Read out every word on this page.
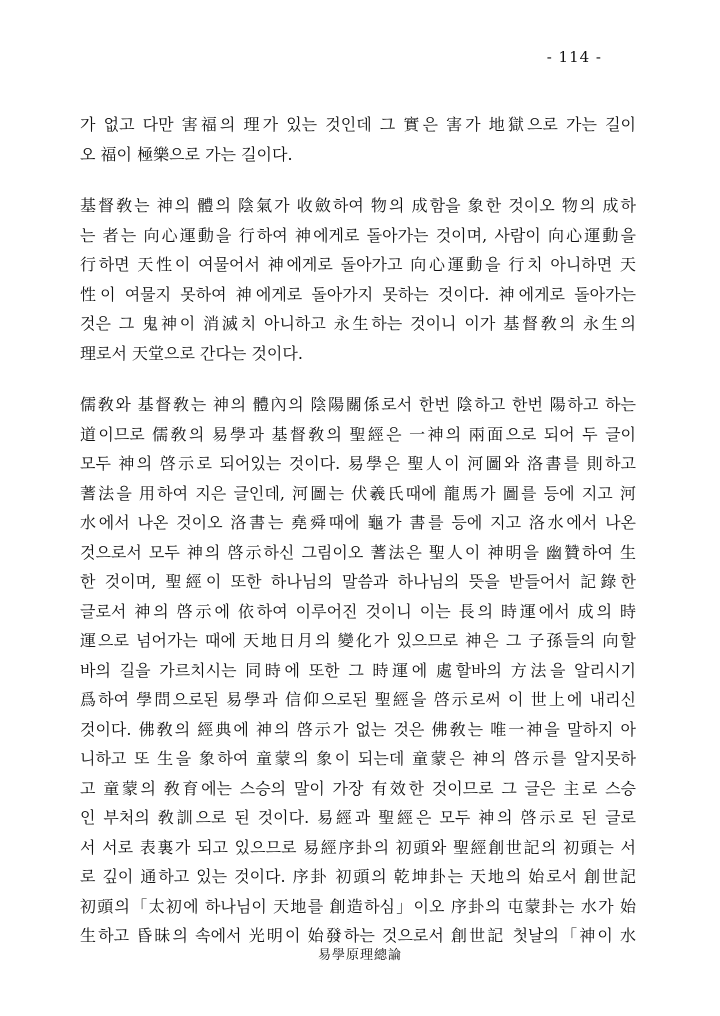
- 114 -
가 없고 다만 害福의 理가 있는 것인데 그 實은 害가 地獄으로 가는 길이
오 福이 極樂으로 가는 길이다.
基督敎는 神의 體의 陰氣가 收斂하여 物의 成함을 象한 것이오 物의 成하
는 者는 向心運動을 行하여 神에게로 돌아가는 것이며, 사람이 向心運動을
行하면 天性이 여물어서 神에게로 돌아가고 向心運動을 行치 아니하면 天
性이 여물지 못하여 神에게로 돌아가지 못하는 것이다. 神에게로 돌아가는
것은 그 鬼神이 消滅치 아니하고 永生하는 것이니 이가 基督敎의 永生의
理로서 天堂으로 간다는 것이다.
儒敎와 基督敎는 神의 體內의 陰陽關係로서 한번 陰하고 한번 陽하고 하는
道이므로 儒敎의 易學과 基督敎의 聖經은 一神의 兩面으로 되어 두 글이
모두 神의 啓示로 되어있는 것이다. 易學은 聖人이 河圖와 洛書를 則하고
蓍法을 用하여 지은 글인데, 河圖는 伏羲氏때에 龍馬가 圖를 등에 지고 河
水에서 나온 것이오 洛書는 堯舜때에 龜가 書를 등에 지고 洛水에서 나온
것으로서 모두 神의 啓示하신 그림이오 蓍法은 聖人이 神明을 幽贊하여 生
한 것이며, 聖經이 또한 하나님의 말씀과 하나님의 뜻을 받들어서 記錄한
글로서 神의 啓示에 依하여 이루어진 것이니 이는 長의 時運에서 成의 時
運으로 넘어가는 때에 天地日月의 變化가 있으므로 神은 그 子孫들의 向할
바의 길을 가르치시는 同時에 또한 그 時運에 處할바의 方法을 알리시기
爲하여 學問으로된 易學과 信仰으로된 聖經을 啓示로써 이 世上에 내리신
것이다. 佛敎의 經典에 神의 啓示가 없는 것은 佛敎는 唯一神을 말하지 아
니하고 또 生을 象하여 童蒙의 象이 되는데 童蒙은 神의 啓示를 알지못하
고 童蒙의 敎育에는 스승의 말이 가장 有效한 것이므로 그 글은 主로 스승
인 부처의 敎訓으로 된 것이다. 易經과 聖經은 모두 神의 啓示로 된 글로
서 서로 表裏가 되고 있으므로 易經序卦의 初頭와 聖經創世記의 初頭는 서
로 깊이 通하고 있는 것이다. 序卦 初頭의 乾坤卦는 天地의 始로서 創世記
初頭의「太初에 하나님이 天地를 創造하심」이오 序卦의 屯蒙卦는 水가 始
生하고 昏昧의 속에서 光明이 始發하는 것으로서 創世記 첫날의「神이 水
易學原理總論
